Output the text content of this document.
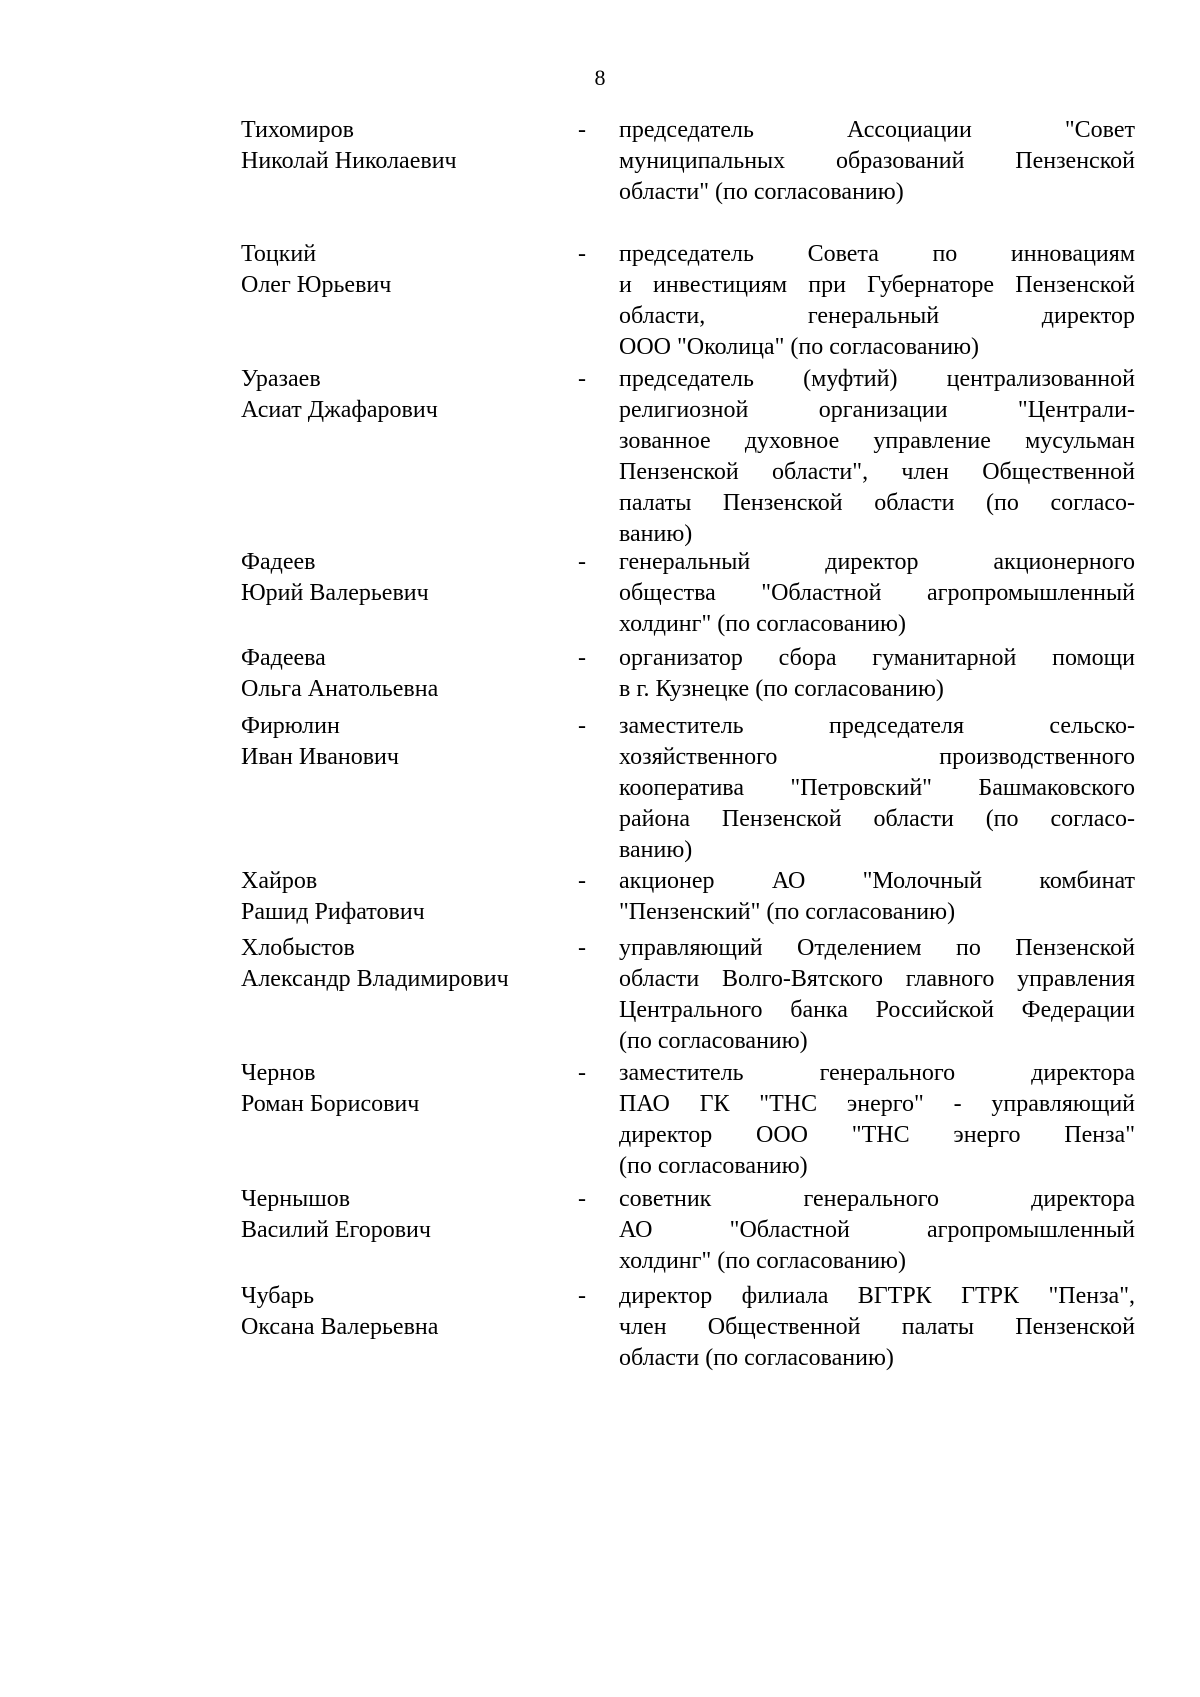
8
Тихомиров
Николай Николаевич
- председатель Ассоциации "Совет
муниципальных образований Пензенской
области" (по согласованию)
Тоцкий
Олег Юрьевич
- председатель Совета по инновациям
и инвестициям при Губернаторе Пензенской
области, генеральный директор
ООО "Околица" (по согласованию)
Уразаев
Асиат Джафарович
- председатель (муфтий) централизованной
религиозной организации "Централи-
зованное духовное управление мусульман
Пензенской области", член Общественной
палаты Пензенской области (по согласо-
ванию)
Фадеев
Юрий Валерьевич
- генеральный директор акционерного
общества "Областной агропромышленный
холдинг" (по согласованию)
Фадеева
Ольга Анатольевна
- организатор сбора гуманитарной помощи
в г. Кузнецке (по согласованию)
Фирюлин
Иван Иванович
- заместитель председателя сельско-
хозяйственного производственного
кооператива "Петровский" Башмаковского
района Пензенской области (по согласо-
ванию)
Хайров
Рашид Рифатович
- акционер АО "Молочный комбинат
"Пензенский" (по согласованию)
Хлобыстов
Александр Владимирович
- управляющий Отделением по Пензенской
области Волго-Вятского главного управления
Центрального банка Российской Федерации
(по согласованию)
Чернов
Роман Борисович
- заместитель генерального директора
ПАО ГК "ТНС энерго" - управляющий
директор ООО "ТНС энерго Пенза"
(по согласованию)
Чернышов
Василий Егорович
- советник генерального директора
АО "Областной агропромышленный
холдинг" (по согласованию)
Чубарь
Оксана Валерьевна
- директор филиала ВГТРК ГТРК "Пенза",
член Общественной палаты Пензенской
области (по согласованию)
